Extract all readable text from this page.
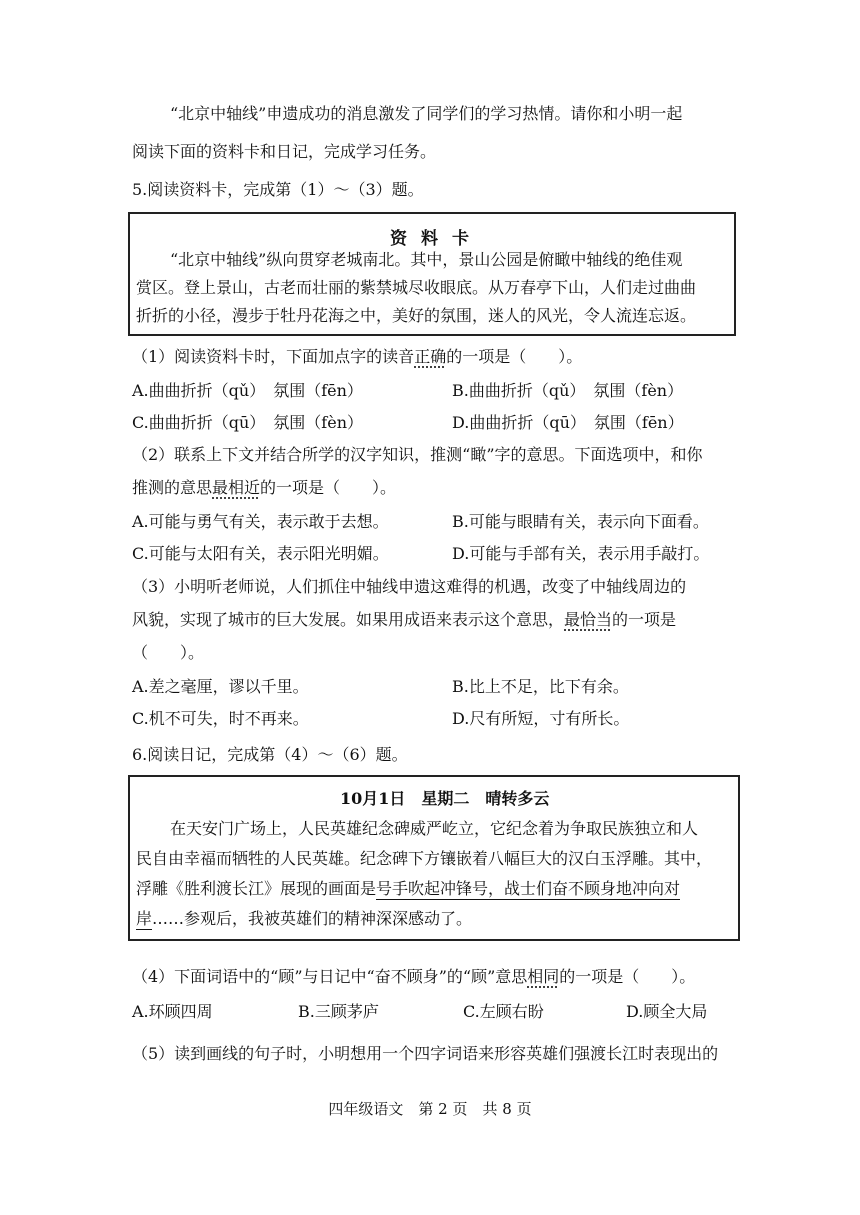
“北京中轴线”申遗成功的消息激发了同学们的学习热情。请你和小明一起
阅读下面的资料卡和日记，完成学习任务。
5.阅读资料卡，完成第（1）～（3）题。
资料卡
“北京中轴线”纵向贯穿老城南北。其中，景山公园是俯瞰中轴线的绝佳观
赏区。登上景山，古老而壮丽的紫禁城尽收眼底。从万春亭下山，人们走过曲曲
折折的小径，漫步于牡丹花海之中，美好的氛围，迷人的风光，令人流连忘返。
（1）阅读资料卡时，下面加点字的读音正确的一项是（　　）。
A.曲曲折折（qǔ）　氛围（fēn）	B.曲曲折折（qǔ）　氛围（fèn）
C.曲曲折折（qū）　氛围（fèn）	D.曲曲折折（qū）　氛围（fēn）
（2）联系上下文并结合所学的汉字知识，推测“瞰”字的意思。下面选项中，和你
推测的意思最相近的一项是（　　）。
A.可能与勇气有关，表示敢于去想。	B.可能与眼睛有关，表示向下面看。
C.可能与太阳有关，表示阳光明媚。	D.可能与手部有关，表示用手敲打。
（3）小明听老师说，人们抓住中轴线申遗这难得的机遇，改变了中轴线周边的
风貌，实现了城市的巨大发展。如果用成语来表示这个意思，最恰当的一项是
（　　）。
A.差之毫厘，谬以千里。	B.比上不足，比下有余。
C.机不可失，时不再来。	D.尺有所短，寸有所长。
6.阅读日记，完成第（4）～（6）题。
10月1日　星期二　晴转多云
在天安门广场上，人民英雄纪念碑威严屹立，它纪念着为争取民族独立和人
民自由幸福而牺牲的人民英雄。纪念碑下方镶嵌着八幅巨大的汉白玉浮雕。其中，
浮雕《胜利渡长江》展现的画面是号手吹起冲锋号，战士们奋不顾身地冲向对
岸……参观后，我被英雄们的精神深深感动了。
（4）下面词语中的“顾”与日记中“奋不顾身”的“顾”意思相同的一项是（　　）。
A.环顾四周	B.三顾茅庐	C.左顾右盼	D.顾全大局
（5）读到画线的句子时，小明想用一个四字词语来形容英雄们强渡长江时表现出的
四年级语文　第 2 页　共 8 页
